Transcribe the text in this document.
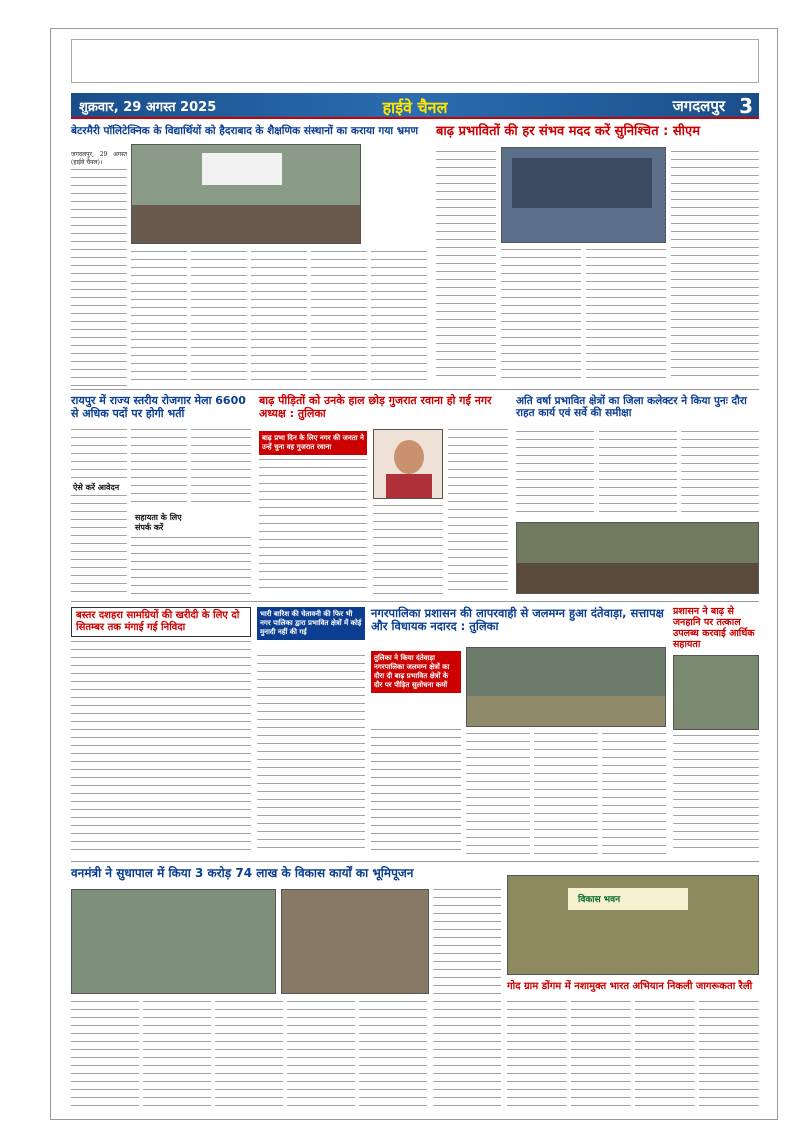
शुक्रवार, 29 अगस्त 2025	हाईवे चैनल	जगदलपुर 3
बेटरमैरी पॉलिटेक्निक के विद्यार्थियों को हैदराबाद के शैक्षणिक संस्थानों का कराया गया भ्रमण
जगदलपुर, 29 अगस्त (हाईवे चैनल)।
बाढ़ प्रभावितों की हर संभव मदद करें सुनिश्चित : सीएम
रायपुर में राज्य स्तरीय रोजगार मेला 6600 से अधिक पदों पर होगी भर्ती
ऐसे करें आवेदन
सहायता के लिए संपर्क करें
बाढ़ पीड़ितों को उनके हाल छोड़ गुजरात रवाना हो गई नगर अध्यक्ष : तुलिका
बाढ़ प्रभा दिन के लिए नगर की जनता ने उन्हें चुना वह गुजरात रवाना
अति वर्षा प्रभावित क्षेत्रों का जिला कलेक्टर ने किया पुनः दौरा राहत कार्य एवं सर्वे की समीक्षा
बस्तर दशहरा सामग्रियों की खरीदी के लिए दो सितम्बर तक मंगाई गई निविदा
भारी बारिश की चेतावनी की फिर भी नगर पालिका द्वारा प्रभावित क्षेत्रों में कोई मुनादी नहीं की गई
नगरपालिका प्रशासन की लापरवाही से जलमग्न हुआ दंतेवाड़ा, सत्तापक्ष और विधायक नदारद : तुलिका
तुलिका ने किया दंतेवाड़ा नगरपालिका जलमग्न क्षेत्रों का दौरा दी बाढ़ प्रभावित क्षेत्रों के दौर पर पीड़ित सुलोचना कमों
प्रशासन ने बाढ़ से जनहानि पर तत्काल उपलब्ध करवाई आर्थिक सहायता
वनमंत्री ने सुधापाल में किया 3 करोड़ 74 लाख के विकास कार्यों का भूमिपूजन
विकास भवन
गोद ग्राम डोंगम में नशामुक्त भारत अभियान निकली जागरूकता रैली
